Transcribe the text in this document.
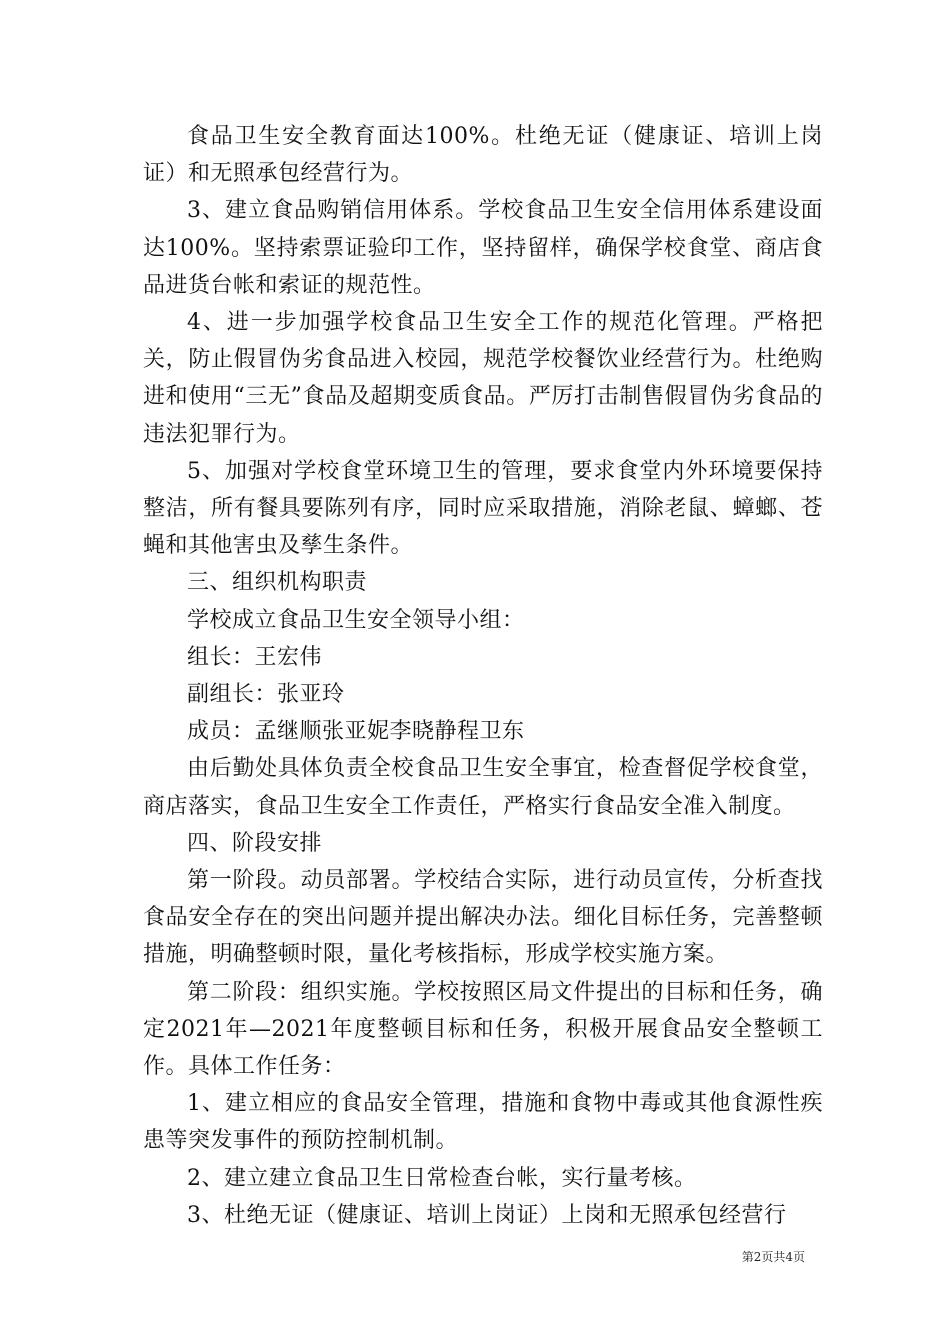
食品卫生安全教育面达100%。杜绝无证（健康证、培训上岗证）和无照承包经营行为。

3、建立食品购销信用体系。学校食品卫生安全信用体系建设面达100%。坚持索票证验印工作，坚持留样，确保学校食堂、商店食品进货台帐和索证的规范性。

4、进一步加强学校食品卫生安全工作的规范化管理。严格把关，防止假冒伪劣食品进入校园，规范学校餐饮业经营行为。杜绝购进和使用“三无”食品及超期变质食品。严厉打击制售假冒伪劣食品的违法犯罪行为。

5、加强对学校食堂环境卫生的管理，要求食堂内外环境要保持整洁，所有餐具要陈列有序，同时应采取措施，消除老鼠、蟑螂、苍蝇和其他害虫及孳生条件。

三、组织机构职责

学校成立食品卫生安全领导小组：

组长：王宏伟

副组长：张亚玲

成员：孟继顺张亚妮李晓静程卫东

由后勤处具体负责全校食品卫生安全事宜，检查督促学校食堂，商店落实，食品卫生安全工作责任，严格实行食品安全准入制度。

四、阶段安排

第一阶段。动员部署。学校结合实际，进行动员宣传，分析查找食品安全存在的突出问题并提出解决办法。细化目标任务，完善整顿措施，明确整顿时限，量化考核指标，形成学校实施方案。

第二阶段：组织实施。学校按照区局文件提出的目标和任务，确定2021年—2021年度整顿目标和任务，积极开展食品安全整顿工作。具体工作任务：

1、建立相应的食品安全管理，措施和食物中毒或其他食源性疾患等突发事件的预防控制机制。

2、建立建立食品卫生日常检查台帐，实行量考核。

3、杜绝无证（健康证、培训上岗证）上岗和无照承包经营行

第2页共4页
